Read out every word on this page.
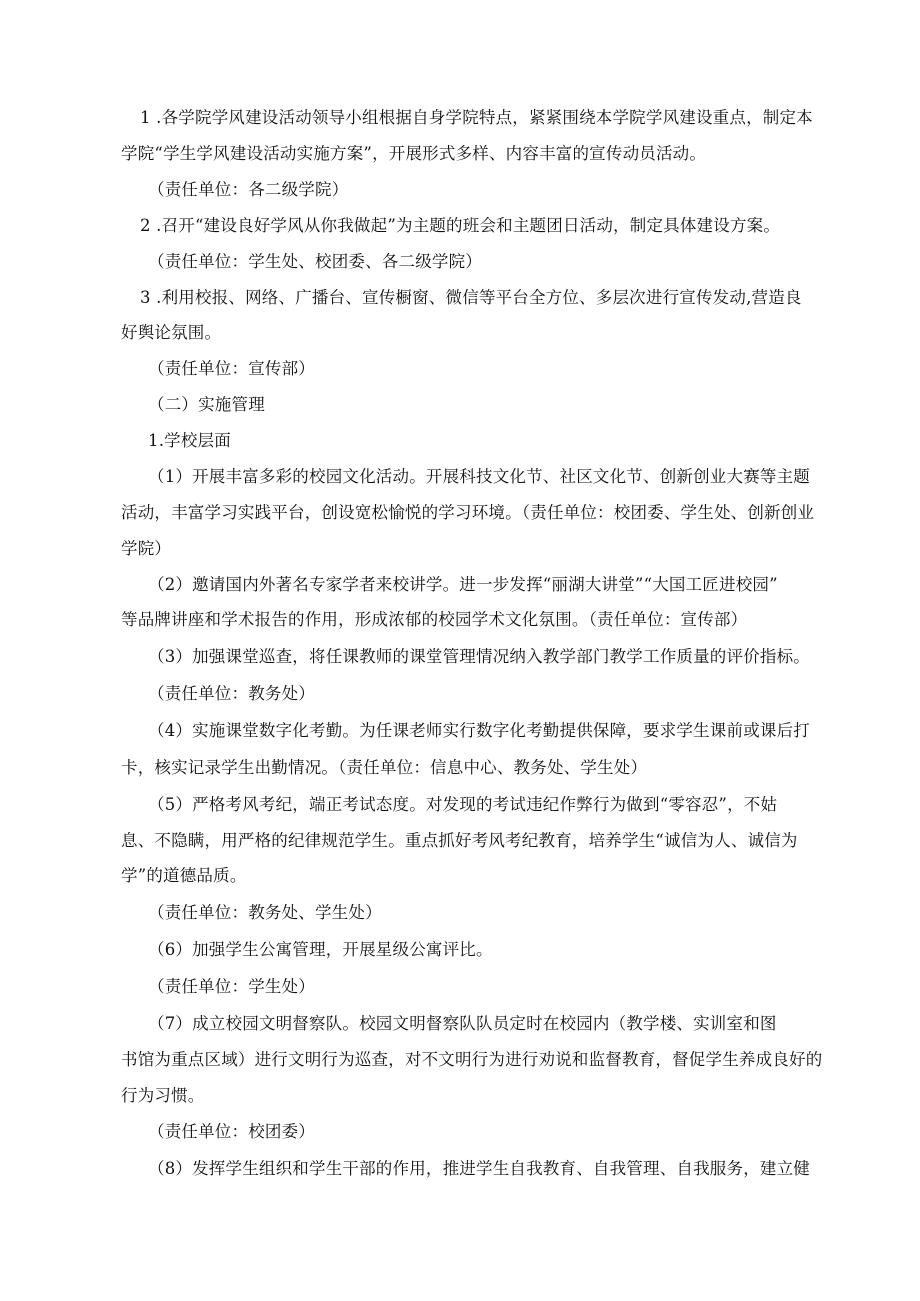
1 .各学院学风建设活动领导小组根据自身学院特点，紧紧围绕本学院学风建设重点，制定本
学院“学生学风建设活动实施方案”，开展形式多样、内容丰富的宣传动员活动。
（责任单位：各二级学院）
2 .召开“建设良好学风从你我做起”为主题的班会和主题团日活动，制定具体建设方案。
（责任单位：学生处、校团委、各二级学院）
3 .利用校报、网络、广播台、宣传橱窗、微信等平台全方位、多层次进行宣传发动,营造良
好舆论氛围。
（责任单位：宣传部）
（二）实施管理
1.学校层面
（1）开展丰富多彩的校园文化活动。开展科技文化节、社区文化节、创新创业大赛等主题
活动，丰富学习实践平台，创设宽松愉悦的学习环境。（责任单位：校团委、学生处、创新创业
学院）
（2）邀请国内外著名专家学者来校讲学。进一步发挥“丽湖大讲堂”“大国工匠进校园”
等品牌讲座和学术报告的作用，形成浓郁的校园学术文化氛围。（责任单位：宣传部）
（3）加强课堂巡查，将任课教师的课堂管理情况纳入教学部门教学工作质量的评价指标。
（责任单位：教务处）
（4）实施课堂数字化考勤。为任课老师实行数字化考勤提供保障，要求学生课前或课后打
卡，核实记录学生出勤情况。（责任单位：信息中心、教务处、学生处）
（5）严格考风考纪，端正考试态度。对发现的考试违纪作弊行为做到“零容忍”，不姑
息、不隐瞒，用严格的纪律规范学生。重点抓好考风考纪教育，培养学生“诚信为人、诚信为
学”的道德品质。
（责任单位：教务处、学生处）
（6）加强学生公寓管理，开展星级公寓评比。
（责任单位：学生处）
（7）成立校园文明督察队。校园文明督察队队员定时在校园内（教学楼、实训室和图
书馆为重点区域）进行文明行为巡查，对不文明行为进行劝说和监督教育，督促学生养成良好的
行为习惯。
（责任单位：校团委）
（8）发挥学生组织和学生干部的作用，推进学生自我教育、自我管理、自我服务，建立健
